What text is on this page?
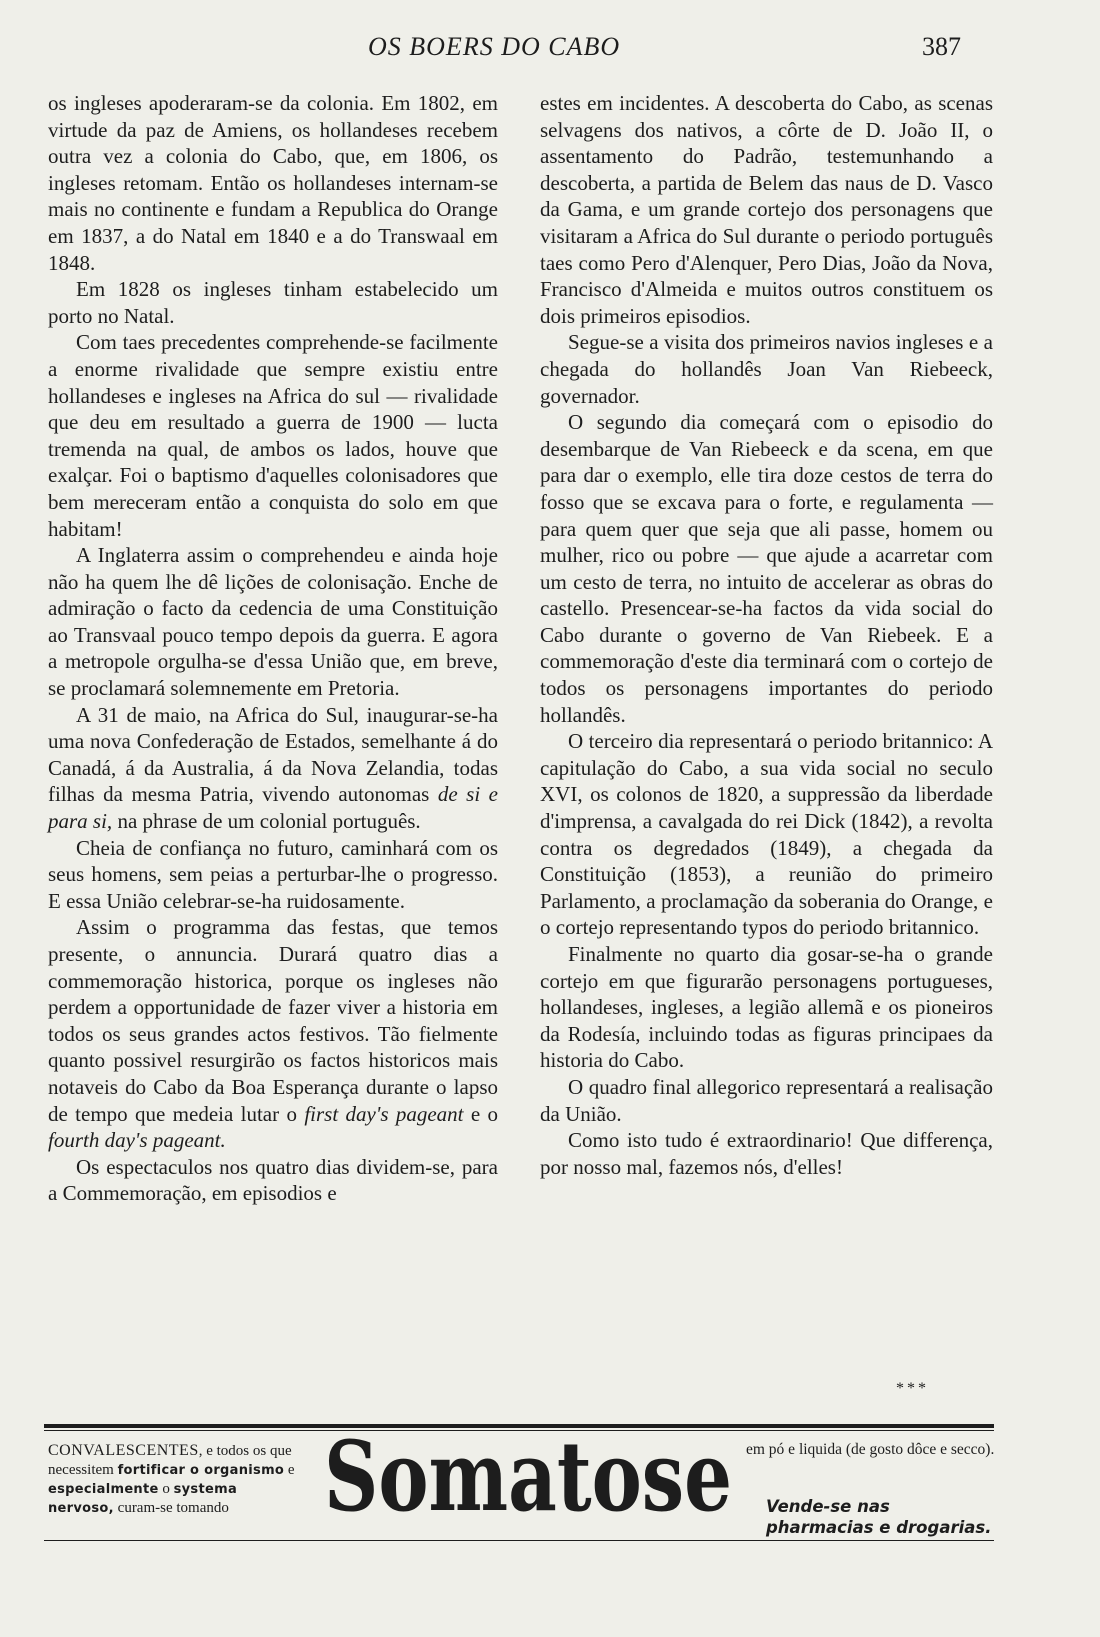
OS BOERS DO CABO	387

os ingleses apoderaram-se da colonia. Em 1802, em virtude da paz de Amiens, os hollandeses recebem outra vez a colonia do Cabo, que, em 1806, os ingleses retomam. Então os hollandeses internam-se mais no continente e fundam a Republica do Orange em 1837, a do Natal em 1840 e a do Transwaal em 1848.

Em 1828 os ingleses tinham estabelecido um porto no Natal.

Com taes precedentes comprehende-se facilmente a enorme rivalidade que sempre existiu entre hollandeses e ingleses na Africa do sul — rivalidade que deu em resultado a guerra de 1900 — lucta tremenda na qual, de ambos os lados, houve que exalçar. Foi o baptismo d'aquelles colonisadores que bem mereceram então a conquista do solo em que habitam!

A Inglaterra assim o comprehendeu e ainda hoje não ha quem lhe dê lições de colonisação. Enche de admiração o facto da cedencia de uma Constituição ao Transvaal pouco tempo depois da guerra. E agora a metropole orgulha-se d'essa União que, em breve, se proclamará solemnemente em Pretoria.

A 31 de maio, na Africa do Sul, inaugurar-se-ha uma nova Confederação de Estados, semelhante á do Canadá, á da Australia, á da Nova Zelandia, todas filhas da mesma Patria, vivendo autonomas de si e para si, na phrase de um colonial português.

Cheia de confiança no futuro, caminhará com os seus homens, sem peias a perturbar-lhe o progresso. E essa União celebrar-se-ha ruidosamente.

Assim o programma das festas, que temos presente, o annuncia. Durará quatro dias a commemoração historica, porque os ingleses não perdem a opportunidade de fazer viver a historia em todos os seus grandes actos festivos. Tão fielmente quanto possivel resurgirão os factos historicos mais notaveis do Cabo da Boa Esperança durante o lapso de tempo que medeia lutar o first day's pageant e o fourth day's pageant.

Os espectaculos nos quatro dias dividem-se, para a Commemoração, em episodios e

estes em incidentes. A descoberta do Cabo, as scenas selvagens dos nativos, a côrte de D. João II, o assentamento do Padrão, testemunhando a descoberta, a partida de Belem das naus de D. Vasco da Gama, e um grande cortejo dos personagens que visitaram a Africa do Sul durante o periodo português taes como Pero d'Alenquer, Pero Dias, João da Nova, Francisco d'Almeida e muitos outros constituem os dois primeiros episodios.

Segue-se a visita dos primeiros navios ingleses e a chegada do hollandês Joan Van Riebeeck, governador.

O segundo dia começará com o episodio do desembarque de Van Riebeeck e da scena, em que para dar o exemplo, elle tira doze cestos de terra do fosso que se excava para o forte, e regulamenta — para quem quer que seja que ali passe, homem ou mulher, rico ou pobre — que ajude a acarretar com um cesto de terra, no intuito de accelerar as obras do castello. Presencear-se-ha factos da vida social do Cabo durante o governo de Van Riebeek. E a commemoração d'este dia terminará com o cortejo de todos os personagens importantes do periodo hollandês.

O terceiro dia representará o periodo britannico: A capitulação do Cabo, a sua vida social no seculo XVI, os colonos de 1820, a suppressão da liberdade d'imprensa, a cavalgada do rei Dick (1842), a revolta contra os degredados (1849), a chegada da Constituição (1853), a reunião do primeiro Parlamento, a proclamação da soberania do Orange, e o cortejo representando typos do periodo britannico.

Finalmente no quarto dia gosar-se-ha o grande cortejo em que figurarão personagens portugueses, hollandeses, ingleses, a legião allemã e os pioneiros da Rodesía, incluindo todas as figuras principaes da historia do Cabo.

O quadro final allegorico representará a realisação da União.

Como isto tudo é extraordinario! Que differença, por nosso mal, fazemos nós, d'elles!

***
CONVALESCENTES, e todos os que necessitem fortificar o organismo e especialmente o systema nervoso, curam-se tomando Somatose em pó e liquida (de gosto dôce e secco).
Vende-se nas pharmacias e drogarias.
